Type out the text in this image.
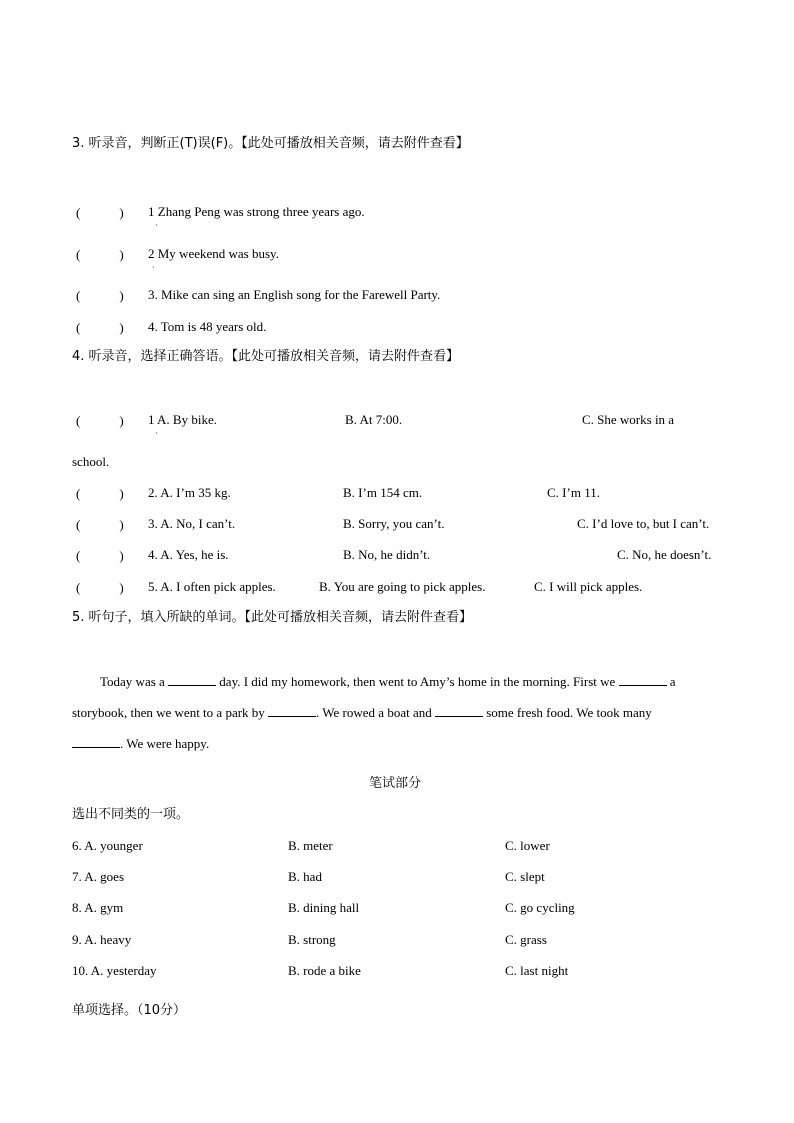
3. 听录音，判断正(T)误(F)。【此处可播放相关音频，请去附件查看】
(            ) 1 Zhang Peng was strong three years ago.
·
(            ) 2 My weekend was busy.
·
(            ) 3. Mike can sing an English song for the Farewell Party.
(            ) 4. Tom is 48 years old.
4. 听录音，选择正确答语。【此处可播放相关音频，请去附件查看】
(            ) 1 A. By bike.	B. At 7:00.	C. She works in a
·
school.
(            ) 2. A. I’m 35 kg.	B. I’m 154 cm.	C. I’m 11.
(            ) 3. A. No, I can’t.	B. Sorry, you can’t.	C. I’d love to, but I can’t.
(            ) 4. A. Yes, he is.	B. No, he didn’t.	C. No, he doesn’t.
(            ) 5. A. I often pick apples.	B. You are going to pick apples.	C. I will pick apples.
5. 听句子，填入所缺的单词。【此处可播放相关音频，请去附件查看】
Today was a	day. I did my homework, then went to Amy’s home in the morning. First we	a
storybook, then we went to a park by	. We rowed a boat and	some fresh food. We took many
. We were happy.
笔试部分
选出不同类的一项。
6. A. younger	B. meter	C. lower
7. A. goes	B. had	C. slept
8. A. gym	B. dining hall	C. go cycling
9. A. heavy	B. strong	C. grass
10. A. yesterday	B. rode a bike	C. last night
单项选择。（10分）
